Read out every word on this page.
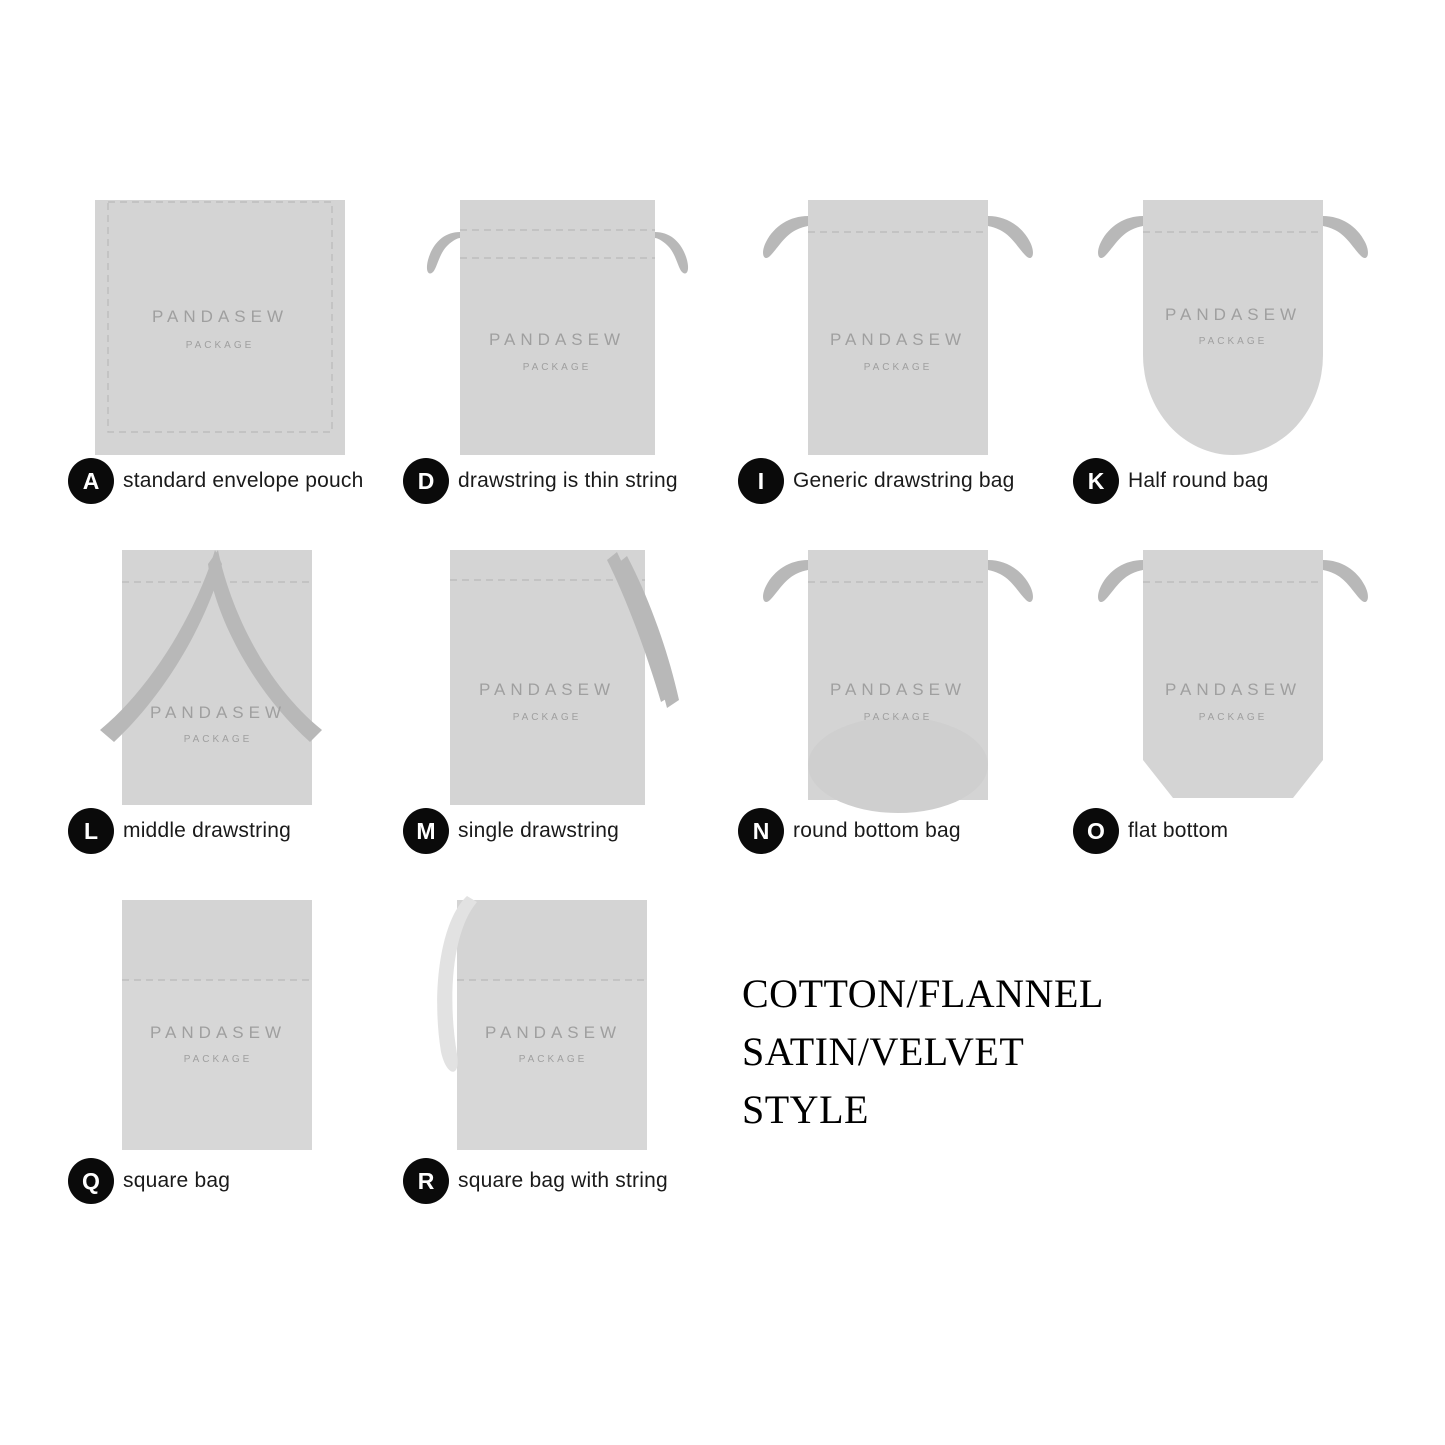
PANDASEW
PACKAGE
A	standard envelope pouch
PANDASEW
PACKAGE
D	drawstring is thin string
PANDASEW
PACKAGE
I	Generic drawstring bag
PANDASEW
PACKAGE
K	Half round bag
PANDASEW
PACKAGE
L	middle drawstring
PANDASEW
PACKAGE
M	single drawstring
PANDASEW
PACKAGE
N	round bottom bag
PANDASEW
PACKAGE
O	flat bottom
PANDASEW
PACKAGE
Q	square bag
PANDASEW
PACKAGE
R	square bag with string
COTTON/FLANNEL
SATIN/VELVET
STYLE
